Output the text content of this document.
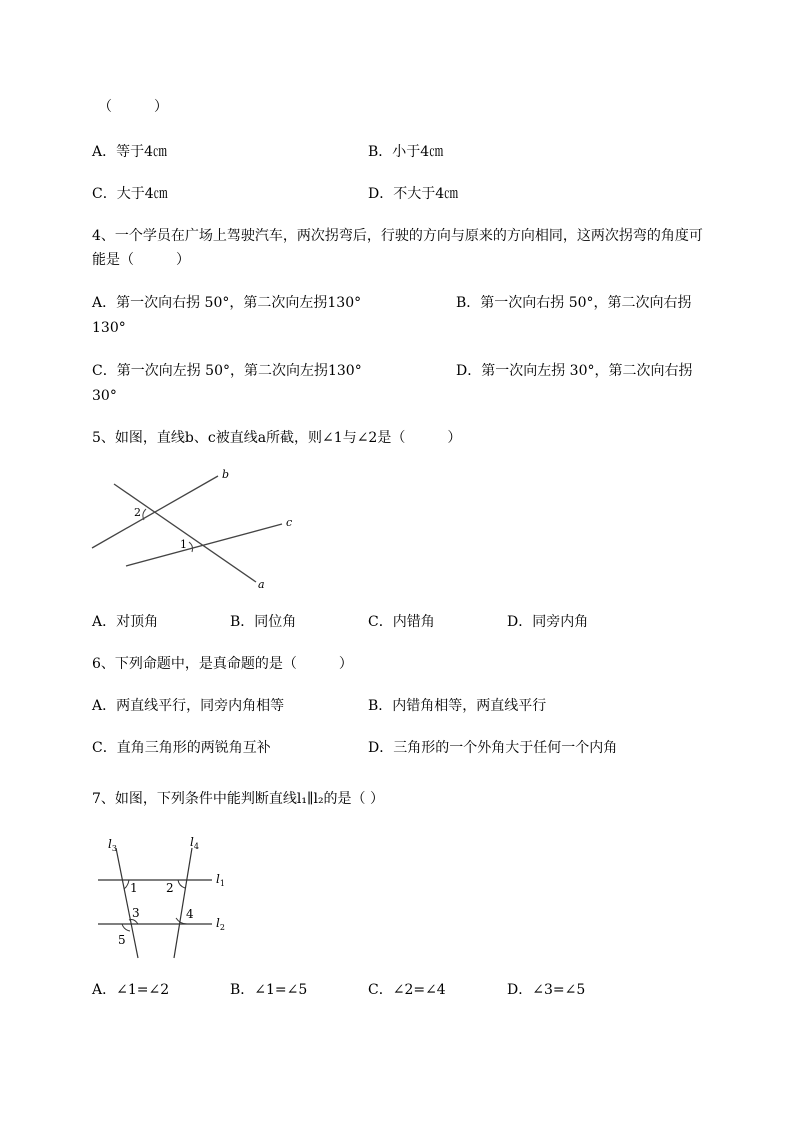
（　　　）
A．等于4㎝	B．小于4㎝
C．大于4㎝	D．不大于4㎝
4、一个学员在广场上驾驶汽车，两次拐弯后，行驶的方向与原来的方向相同，这两次拐弯的角度可
能是（　　　）
A．第一次向右拐 50°，第二次向左拐130°	B．第一次向右拐 50°，第二次向右拐
130°
C．第一次向左拐 50°，第二次向左拐130°	D．第一次向左拐 30°，第二次向右拐
30°
5、如图，直线b、c被直线a所截，则∠1与∠2是（　　　）
b
c
a
1
2
A．对顶角	B．同位角	C．内错角	D．同旁内角
6、下列命题中，是真命题的是（　　　）
A．两直线平行，同旁内角相等	B．内错角相等，两直线平行
C．直角三角形的两锐角互补	D．三角形的一个外角大于任何一个内角
7、如图，下列条件中能判断直线l₁∥l₂的是（ ）
$l_3$	$l_4$
$l_1$
$l_2$
1 2
3	4
5
A．∠1=∠2	B．∠1=∠5	C．∠2=∠4	D．∠3=∠5
